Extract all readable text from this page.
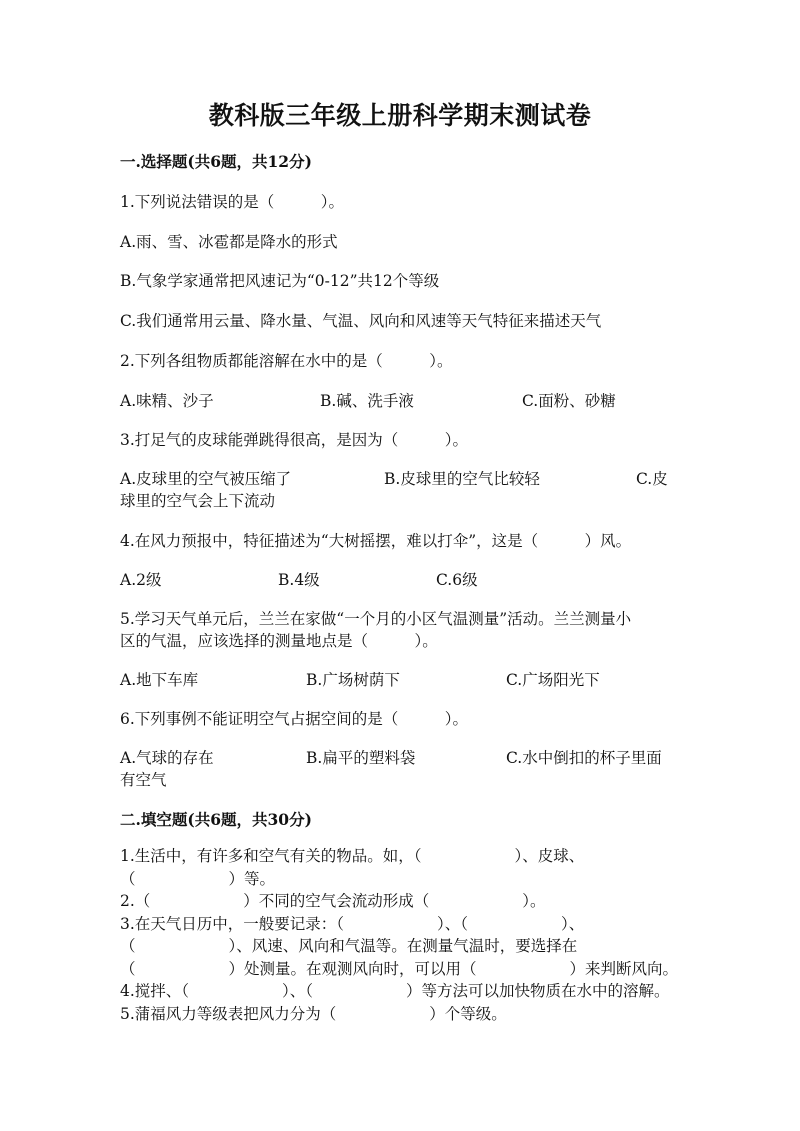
教科版三年级上册科学期末测试卷
一.选择题(共6题，共12分)
1.下列说法错误的是（　　　）。
A.雨、雪、冰雹都是降水的形式
B.气象学家通常把风速记为“0-12”共12个等级
C.我们通常用云量、降水量、气温、风向和风速等天气特征来描述天气
2.下列各组物质都能溶解在水中的是（　　　）。
A.味精、沙子	B.碱、洗手液	C.面粉、砂糖
3.打足气的皮球能弹跳得很高，是因为（　　　）。
A.皮球里的空气被压缩了	B.皮球里的空气比较轻	C.皮
球里的空气会上下流动
4.在风力预报中，特征描述为“大树摇摆，难以打伞”，这是（　　　）风。
A.2级	B.4级	C.6级
5.学习天气单元后，兰兰在家做“一个月的小区气温测量”活动。兰兰测量小
区的气温，应该选择的测量地点是（　　　）。
A.地下车库	B.广场树荫下	C.广场阳光下
6.下列事例不能证明空气占据空间的是（　　　）。
A.气球的存在	B.扁平的塑料袋	C.水中倒扣的杯子里面
有空气
二.填空题(共6题，共30分)

1.生活中，有许多和空气有关的物品。如，（　　　　　　）、皮球、

（　　　　　　）等。

2.（　　　　　　）不同的空气会流动形成（　　　　　　）。

3.在天气日历中，一般要记录：（　　　　　　）、（　　　　　　）、

（　　　　　　）、风速、风向和气温等。在测量气温时，要选择在

（　　　　　　）处测量。在观测风向时，可以用（　　　　　　）来判断风向。

4.搅拌、（　　　　　　）、（　　　　　　）等方法可以加快物质在水中的溶解。

5.蒲福风力等级表把风力分为（　　　　　　）个等级。
